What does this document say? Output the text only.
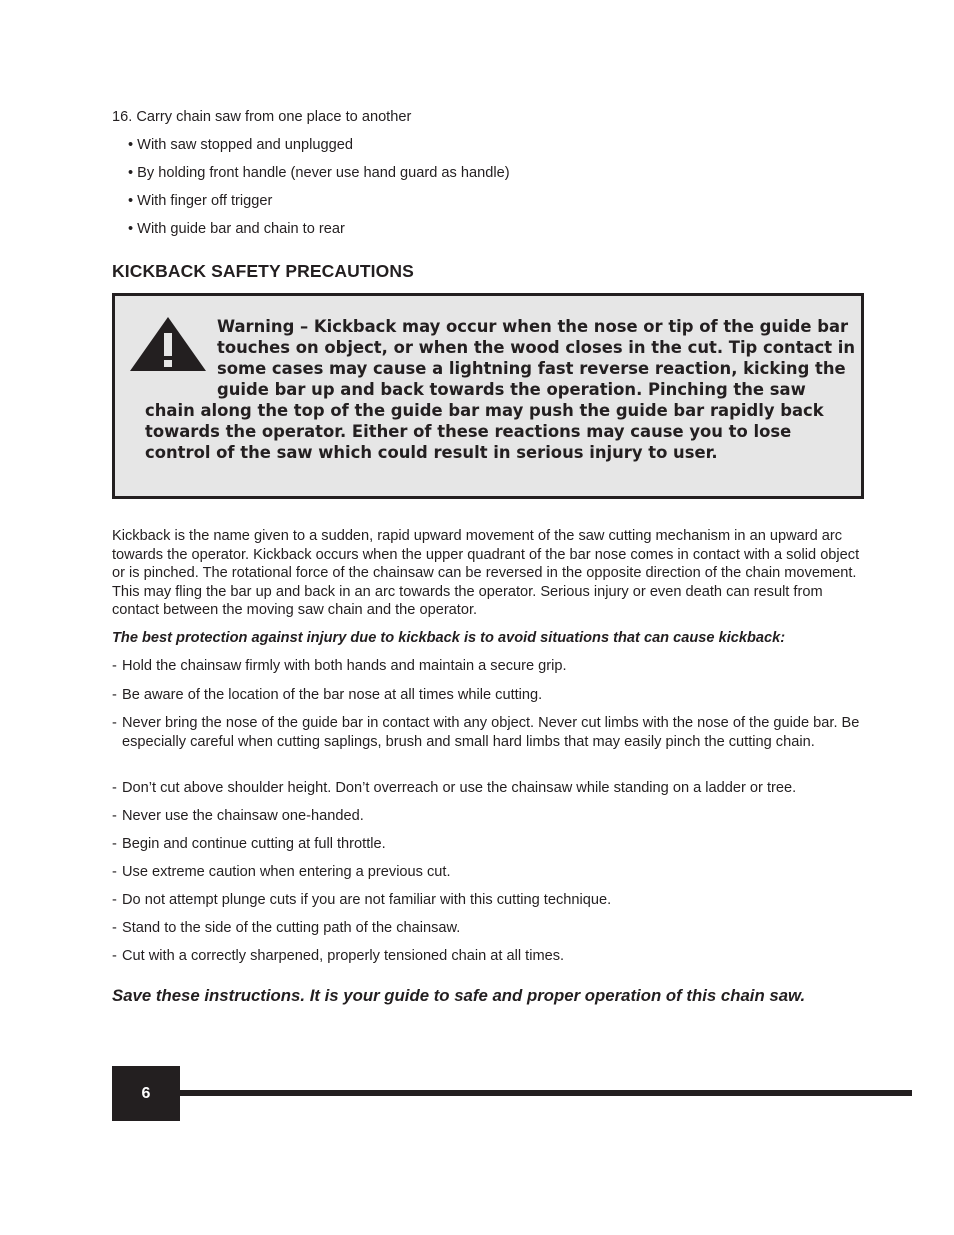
16. Carry chain saw from one place to another
• With saw stopped and unplugged
• By holding front handle (never use hand guard as handle)
• With finger off trigger
• With guide bar and chain to rear
KICKBACK SAFETY PRECAUTIONS
Warning – Kickback may occur when the nose or tip of the guide bar touches on object, or when the wood closes in the cut. Tip contact in some cases may cause a lightning fast reverse reaction, kicking the guide bar up and back towards the operation. Pinching the saw chain along the top of the guide bar may push the guide bar rapidly back towards the operator. Either of these reactions may cause you to lose control of the saw which could result in serious injury to user.

Kickback is the name given to a sudden, rapid upward movement of the saw cutting mechanism in an upward arc towards the operator. Kickback occurs when the upper quadrant of the bar nose comes in contact with a solid object or is pinched. The rotational force of the chainsaw can be reversed in the opposite direction of the chain movement. This may fling the bar up and back in an arc towards the operator. Serious injury or even death can result from contact between the moving saw chain and the operator.

The best protection against injury due to kickback is to avoid situations that can cause kickback:
- Hold the chainsaw firmly with both hands and maintain a secure grip.
- Be aware of the location of the bar nose at all times while cutting.
- Never bring the nose of the guide bar in contact with any object. Never cut limbs with the nose of the guide bar. Be especially careful when cutting saplings, brush and small hard limbs that may easily pinch the cutting chain.
- Don’t cut above shoulder height. Don’t overreach or use the chainsaw while standing on a ladder or tree.
- Never use the chainsaw one-handed.
- Begin and continue cutting at full throttle.
- Use extreme caution when entering a previous cut.
- Do not attempt plunge cuts if you are not familiar with this cutting technique.
- Stand to the side of the cutting path of the chainsaw.
- Cut with a correctly sharpened, properly tensioned chain at all times.
Save these instructions. It is your guide to safe and proper operation of this chain saw.
6
